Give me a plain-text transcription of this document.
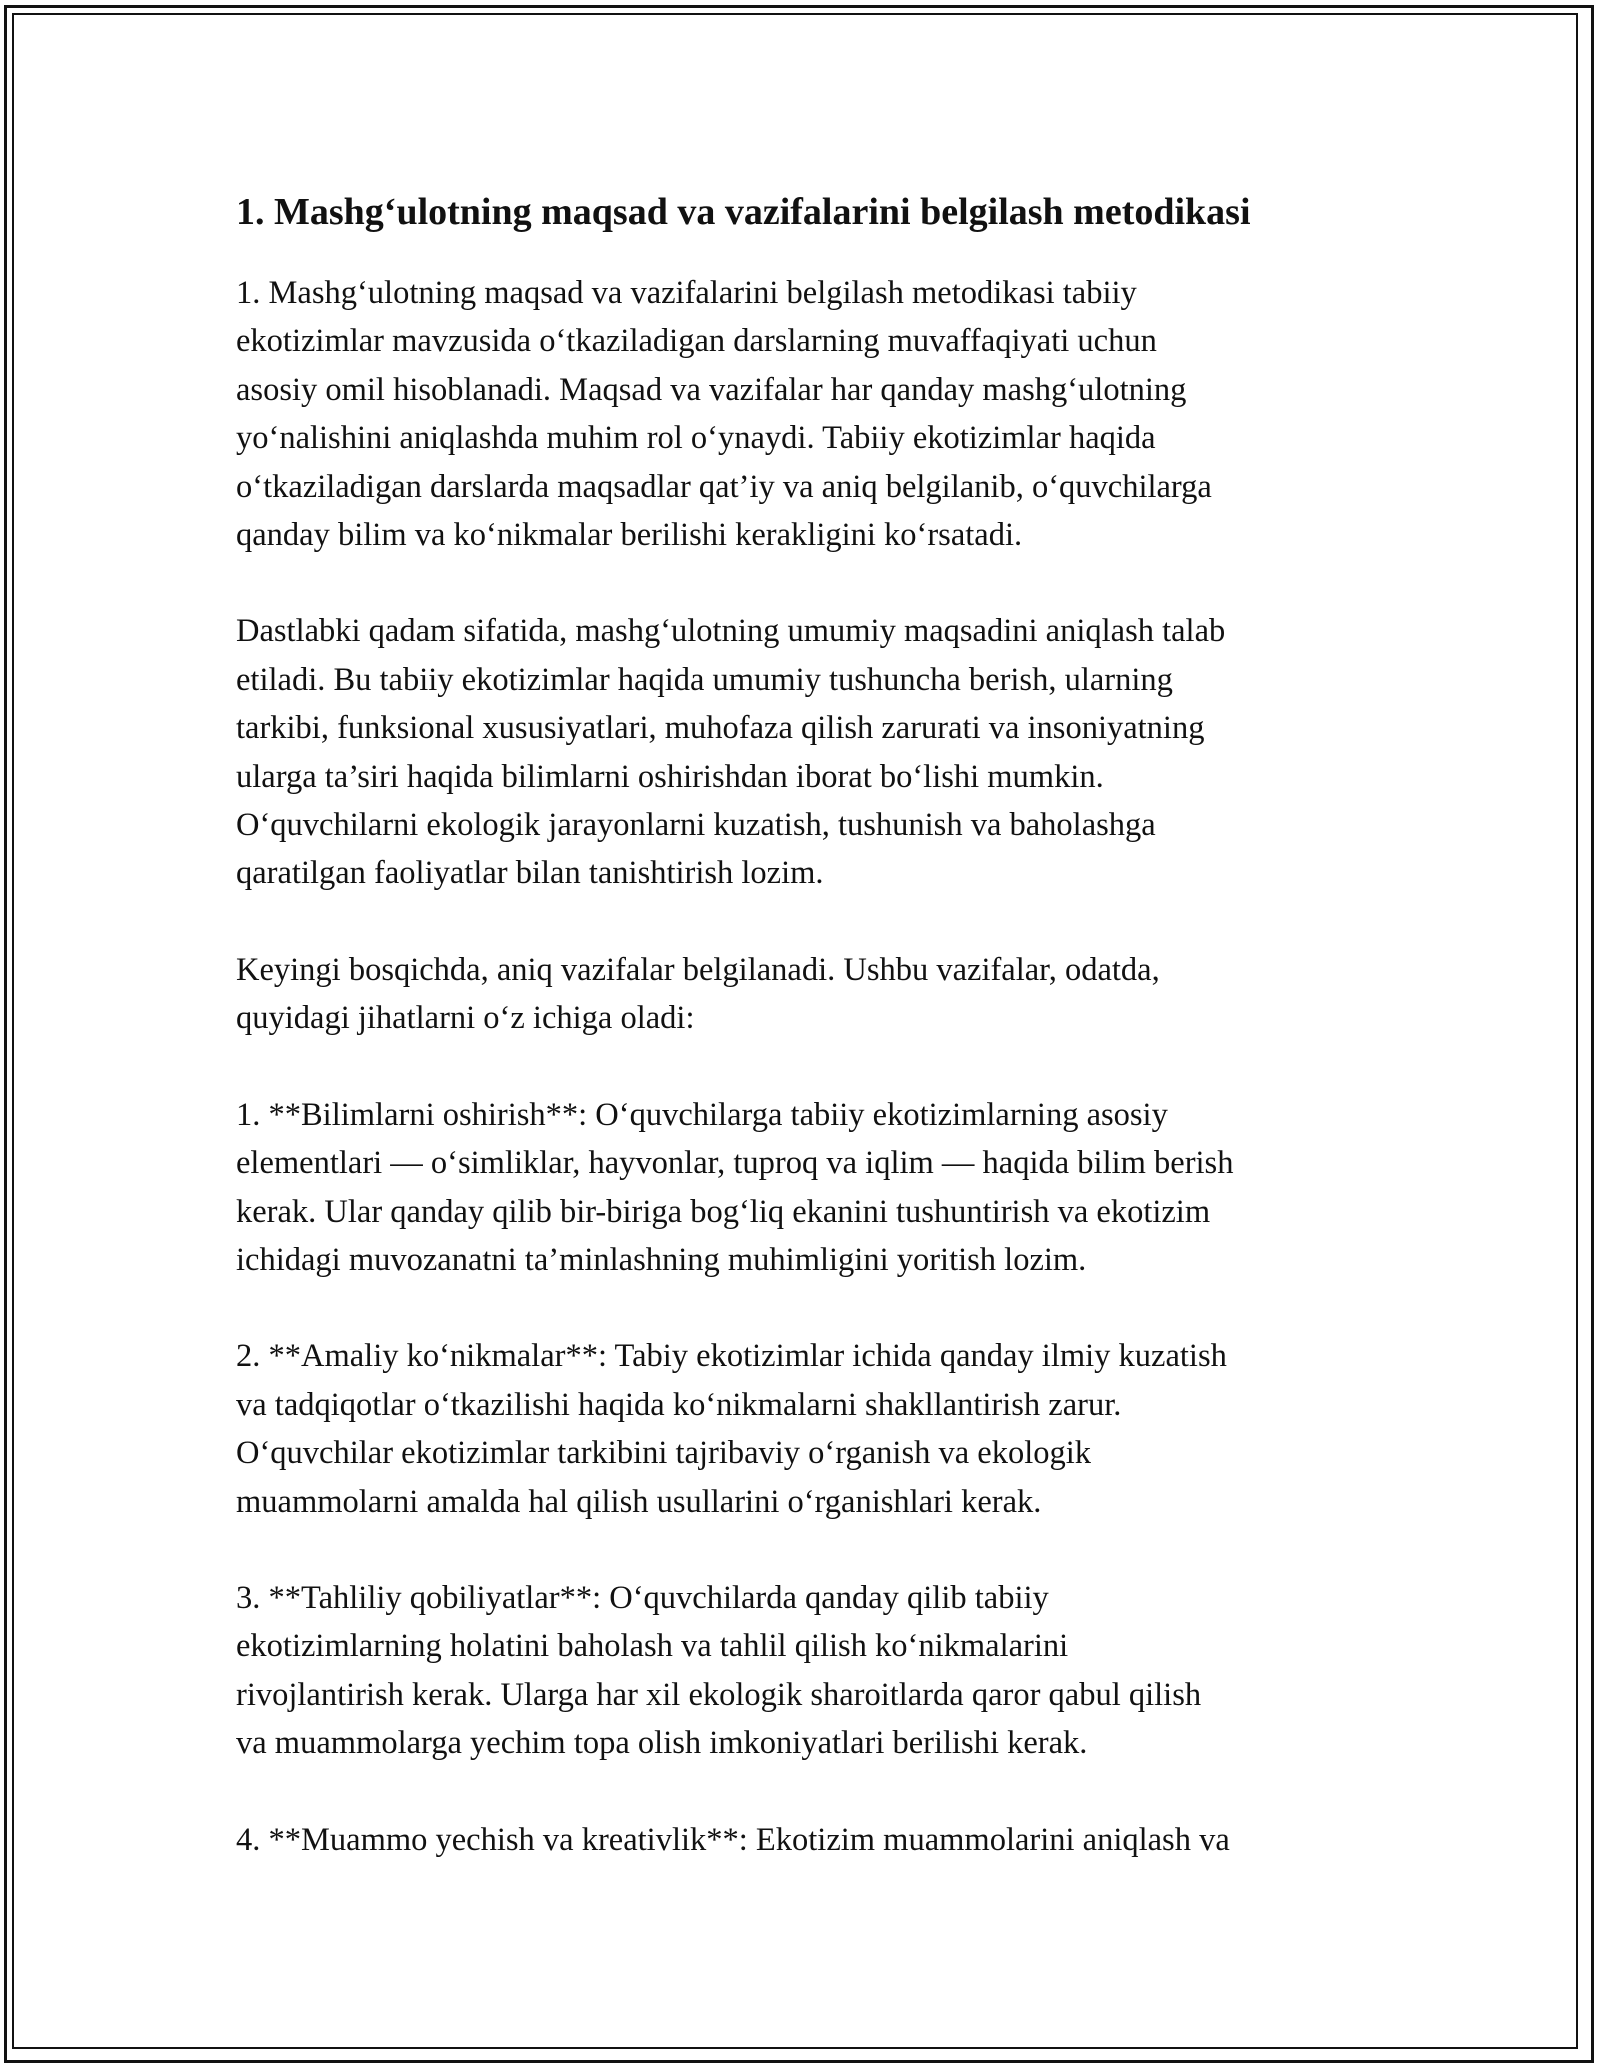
1. Mashg‘ulotning maqsad va vazifalarini belgilash metodikasi
1. Mashg‘ulotning maqsad va vazifalarini belgilash metodikasi tabiiy
ekotizimlar mavzusida o‘tkaziladigan darslarning muvaffaqiyati uchun
asosiy omil hisoblanadi. Maqsad va vazifalar har qanday mashg‘ulotning
yo‘nalishini aniqlashda muhim rol o‘ynaydi. Tabiiy ekotizimlar haqida
o‘tkaziladigan darslarda maqsadlar qat’iy va aniq belgilanib, o‘quvchilarga
qanday bilim va ko‘nikmalar berilishi kerakligini ko‘rsatadi.
Dastlabki qadam sifatida, mashg‘ulotning umumiy maqsadini aniqlash talab
etiladi. Bu tabiiy ekotizimlar haqida umumiy tushuncha berish, ularning
tarkibi, funksional xususiyatlari, muhofaza qilish zarurati va insoniyatning
ularga ta’siri haqida bilimlarni oshirishdan iborat bo‘lishi mumkin.
O‘quvchilarni ekologik jarayonlarni kuzatish, tushunish va baholashga
qaratilgan faoliyatlar bilan tanishtirish lozim.
Keyingi bosqichda, aniq vazifalar belgilanadi. Ushbu vazifalar, odatda,
quyidagi jihatlarni o‘z ichiga oladi:
1. **Bilimlarni oshirish**: O‘quvchilarga tabiiy ekotizimlarning asosiy
elementlari — o‘simliklar, hayvonlar, tuproq va iqlim — haqida bilim berish
kerak. Ular qanday qilib bir-biriga bog‘liq ekanini tushuntirish va ekotizim
ichidagi muvozanatni ta’minlashning muhimligini yoritish lozim.
2. **Amaliy ko‘nikmalar**: Tabiy ekotizimlar ichida qanday ilmiy kuzatish
va tadqiqotlar o‘tkazilishi haqida ko‘nikmalarni shakllantirish zarur.
O‘quvchilar ekotizimlar tarkibini tajribaviy o‘rganish va ekologik
muammolarni amalda hal qilish usullarini o‘rganishlari kerak.
3. **Tahliliy qobiliyatlar**: O‘quvchilarda qanday qilib tabiiy
ekotizimlarning holatini baholash va tahlil qilish ko‘nikmalarini
rivojlantirish kerak. Ularga har xil ekologik sharoitlarda qaror qabul qilish
va muammolarga yechim topa olish imkoniyatlari berilishi kerak.
4. **Muammo yechish va kreativlik**: Ekotizim muammolarini aniqlash va
